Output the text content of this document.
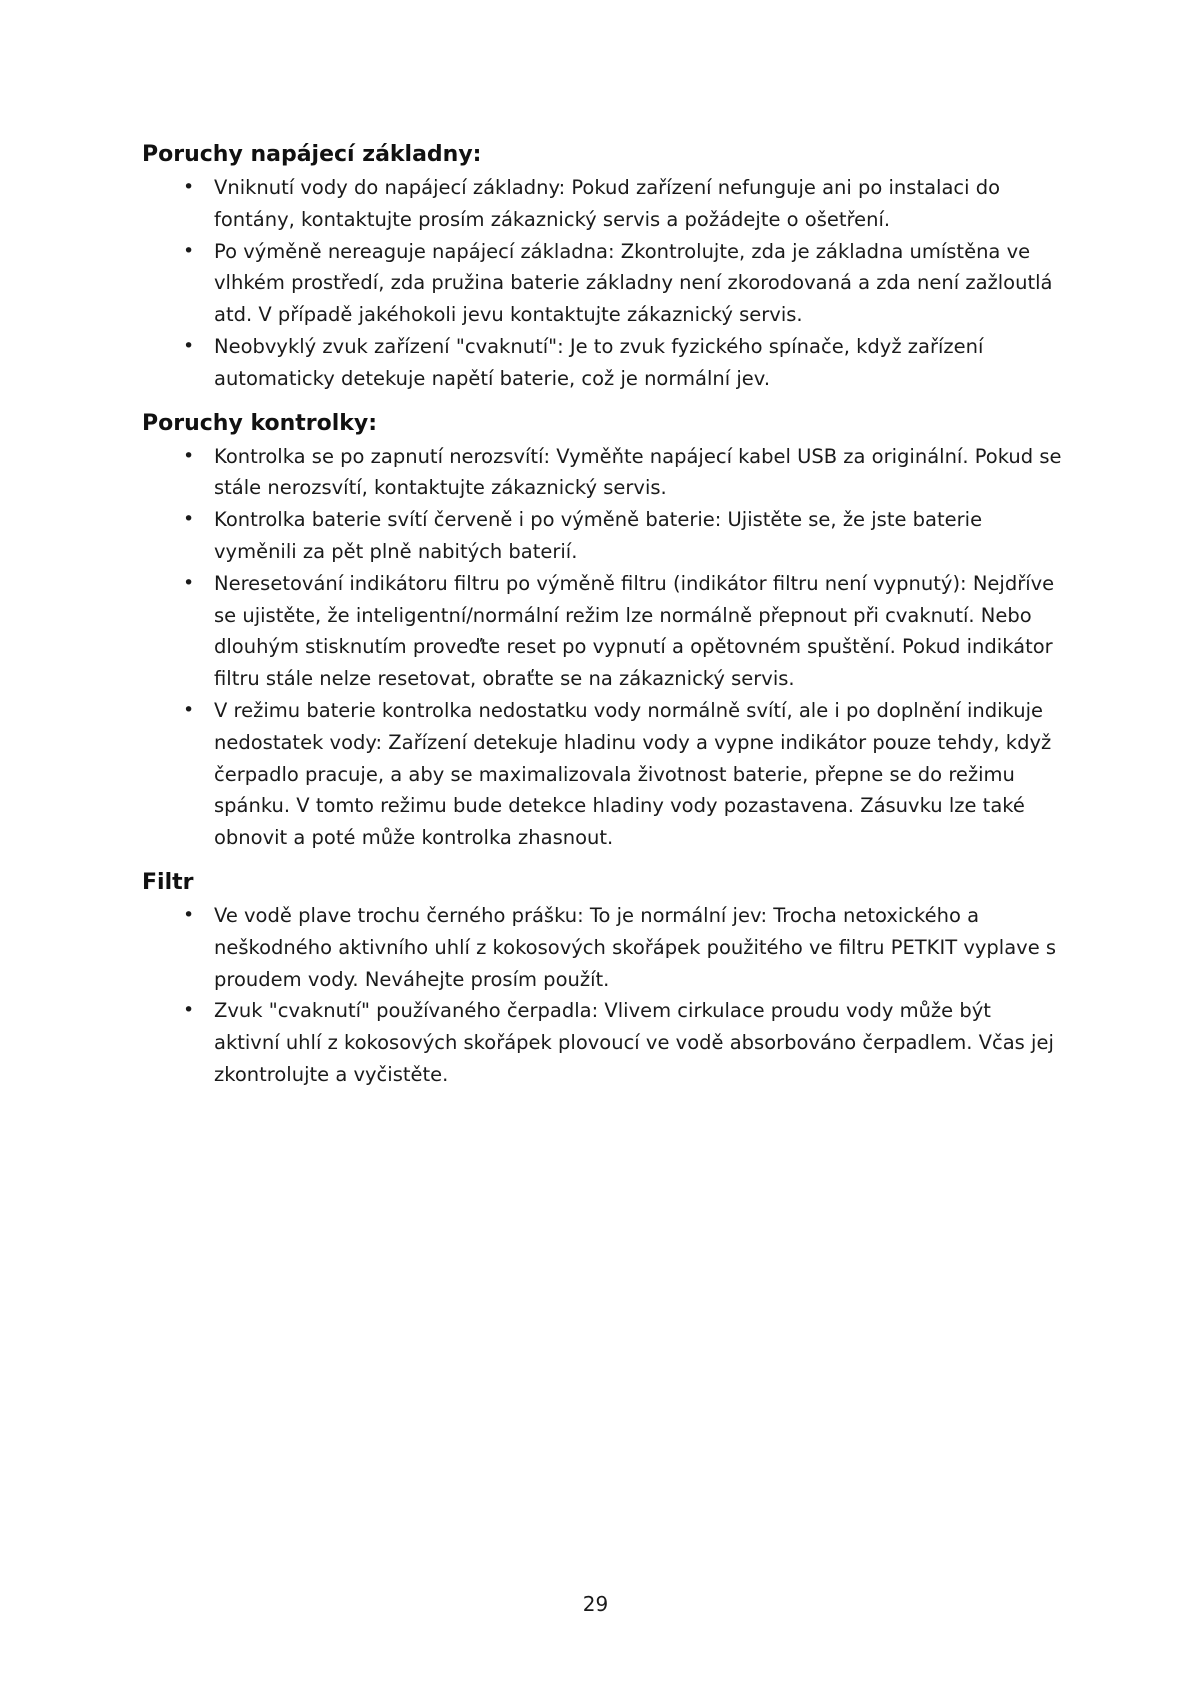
Poruchy napájecí základny:
• Vniknutí vody do napájecí základny: Pokud zařízení nefunguje ani po instalaci do fontány, kontaktujte prosím zákaznický servis a požádejte o ošetření.
• Po výměně nereaguje napájecí základna: Zkontrolujte, zda je základna umístěna ve vlhkém prostředí, zda pružina baterie základny není zkorodovaná a zda není zažloutlá atd. V případě jakéhokoli jevu kontaktujte zákaznický servis.
• Neobvyklý zvuk zařízení "cvaknutí": Je to zvuk fyzického spínače, když zařízení automaticky detekuje napětí baterie, což je normální jev.
Poruchy kontrolky:
• Kontrolka se po zapnutí nerozsvítí: Vyměňte napájecí kabel USB za originální. Pokud se stále nerozsvítí, kontaktujte zákaznický servis.
• Kontrolka baterie svítí červeně i po výměně baterie: Ujistěte se, že jste baterie vyměnili za pět plně nabitých baterií.
• Neresetování indikátoru filtru po výměně filtru (indikátor filtru není vypnutý): Nejdříve se ujistěte, že inteligentní/normální režim lze normálně přepnout při cvaknutí. Nebo dlouhým stisknutím proveďte reset po vypnutí a opětovném spuštění. Pokud indikátor filtru stále nelze resetovat, obraťte se na zákaznický servis.
• V režimu baterie kontrolka nedostatku vody normálně svítí, ale i po doplnění indikuje nedostatek vody: Zařízení detekuje hladinu vody a vypne indikátor pouze tehdy, když čerpadlo pracuje, a aby se maximalizovala životnost baterie, přepne se do režimu spánku. V tomto režimu bude detekce hladiny vody pozastavena. Zásuvku lze také obnovit a poté může kontrolka zhasnout.
Filtr
• Ve vodě plave trochu černého prášku: To je normální jev: Trocha netoxického a neškodného aktivního uhlí z kokosových skořápek použitého ve filtru PETKIT vyplave s proudem vody. Neváhejte prosím použít.
• Zvuk "cvaknutí" používaného čerpadla: Vlivem cirkulace proudu vody může být aktivní uhlí z kokosových skořápek plovoucí ve vodě absorbováno čerpadlem. Včas jej zkontrolujte a vyčistěte.
29
